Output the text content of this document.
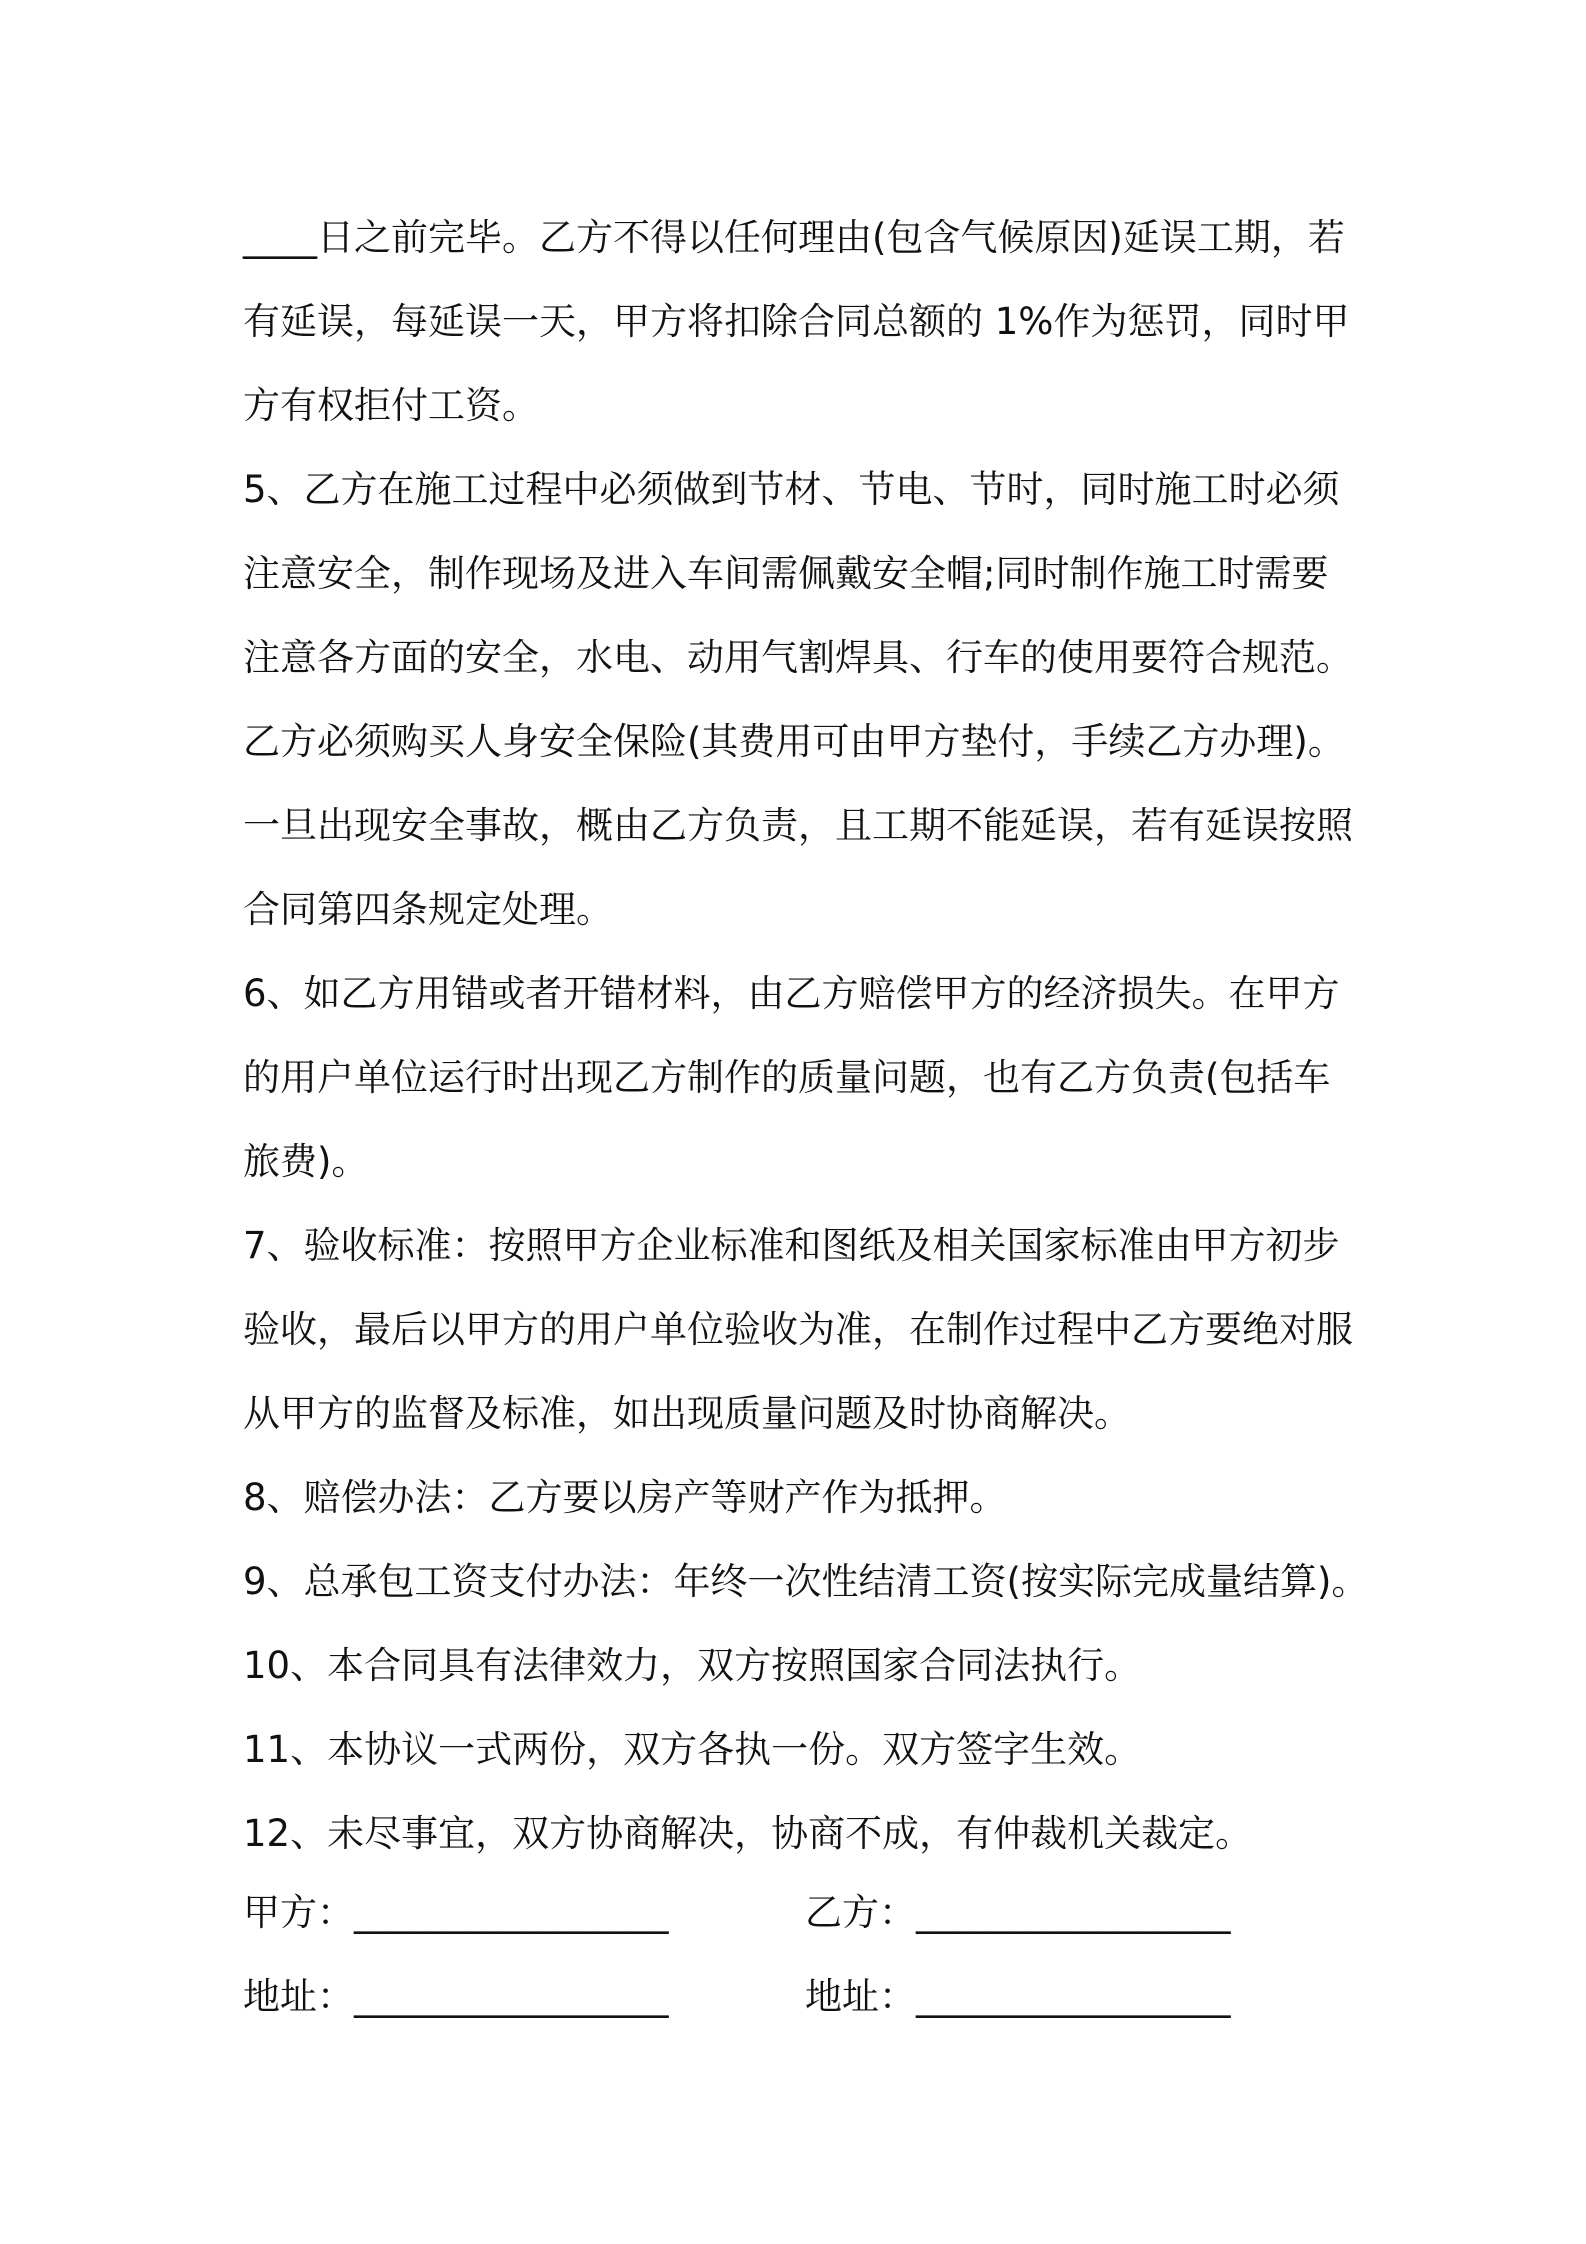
____日之前完毕。乙方不得以任何理由(包含气候原因)延误工期，若
有延误，每延误一天，甲方将扣除合同总额的 1%作为惩罚，同时甲
方有权拒付工资。
5、乙方在施工过程中必须做到节材、节电、节时，同时施工时必须
注意安全，制作现场及进入车间需佩戴安全帽;同时制作施工时需要
注意各方面的安全，水电、动用气割焊具、行车的使用要符合规范。
乙方必须购买人身安全保险(其费用可由甲方垫付，手续乙方办理)。
一旦出现安全事故，概由乙方负责，且工期不能延误，若有延误按照
合同第四条规定处理。
6、如乙方用错或者开错材料，由乙方赔偿甲方的经济损失。在甲方
的用户单位运行时出现乙方制作的质量问题，也有乙方负责(包括车
旅费)。
7、验收标准：按照甲方企业标准和图纸及相关国家标准由甲方初步
验收，最后以甲方的用户单位验收为准，在制作过程中乙方要绝对服
从甲方的监督及标准，如出现质量问题及时协商解决。
8、赔偿办法：乙方要以房产等财产作为抵押。
9、总承包工资支付办法：年终一次性结清工资(按实际完成量结算)。
10、本合同具有法律效力，双方按照国家合同法执行。
11、本协议一式两份，双方各执一份。双方签字生效。
12、未尽事宜，双方协商解决，协商不成，有仲裁机关裁定。
甲方：_________________	乙方：_________________
地址：_________________	地址：_________________
